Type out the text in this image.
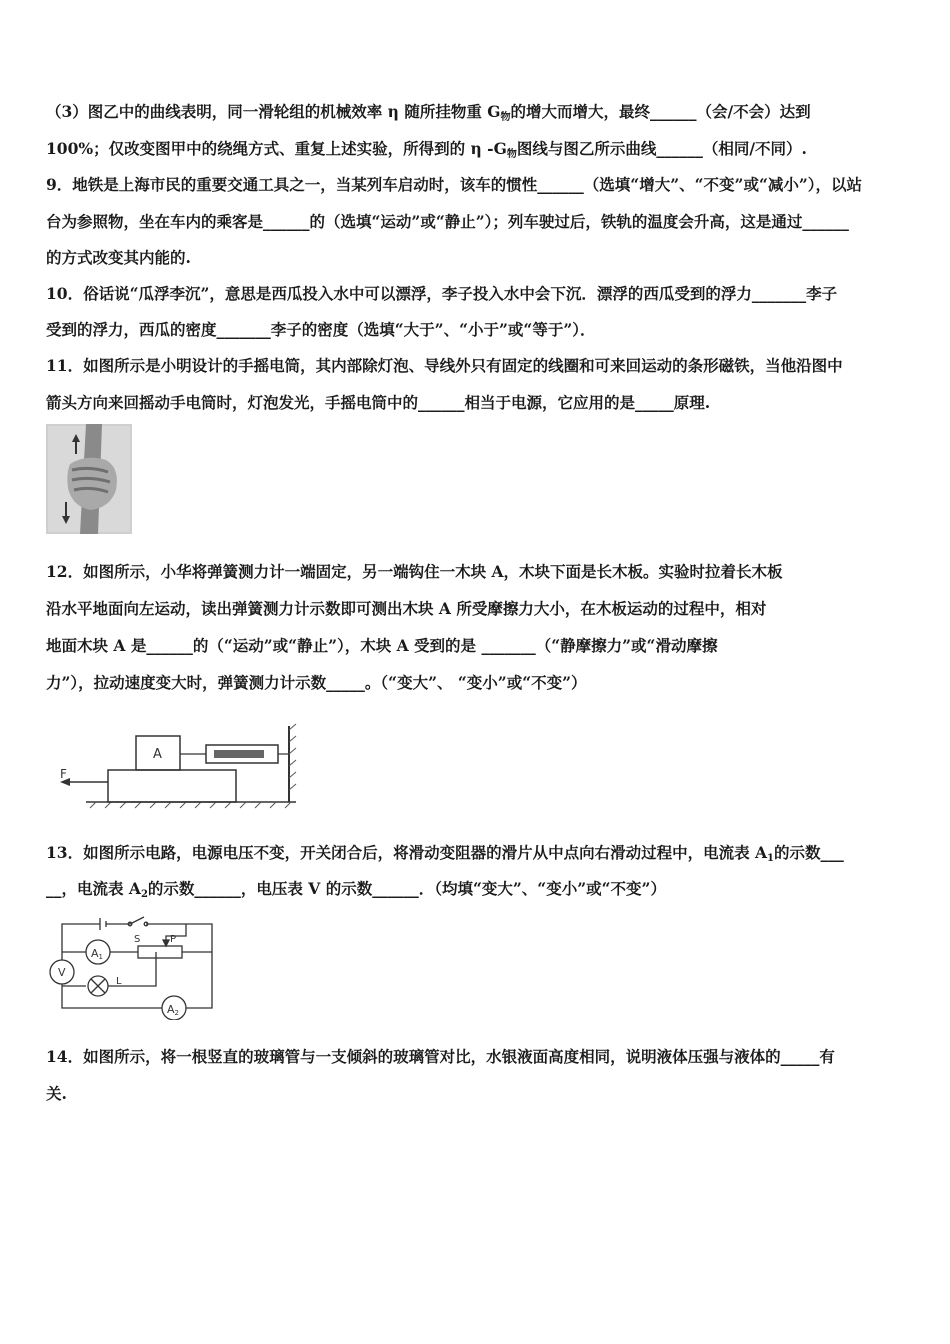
（3）图乙中的曲线表明，同一滑轮组的机械效率 η 随所挂物重 $G_物$的增大而增大，最终______（会/不会）达到
100%；仅改变图甲中的绕绳方式、重复上述实验，所得到的 η $-G_物$图线与图乙所示曲线______（相同/不同）.
9．地铁是上海市民的重要交通工具之一，当某列车启动时，该车的惯性______（选填“增大”、“不变”或“减小”），以站
台为参照物，坐在车内的乘客是______的（选填“运动”或“静止”）；列车驶过后，铁轨的温度会升高，这是通过______
的方式改变其内能的.
10．俗话说“瓜浮李沉”，意思是西瓜投入水中可以漂浮，李子投入水中会下沉．漂浮的西瓜受到的浮力_______李子
受到的浮力，西瓜的密度_______李子的密度（选填“大于”、“小于”或“等于”）．
11．如图所示是小明设计的手摇电筒，其内部除灯泡、导线外只有固定的线圈和可来回运动的条形磁铁，当他沿图中
箭头方向来回摇动手电筒时，灯泡发光，手摇电筒中的______相当于电源，它应用的是_____原理.
12．如图所示，小华将弹簧测力计一端固定，另一端钩住一木块 A，木块下面是长木板。实验时拉着长木板
沿水平地面向左运动，读出弹簧测力计示数即可测出木块 A 所受摩擦力大小，在木板运动的过程中，相对
地面木块 A 是______的（“运动”或“静止”），木块 A 受到的是 _______（“静摩擦力”或“滑动摩擦
力”），拉动速度变大时，弹簧测力计示数_____。（“变大”、 “变小”或“不变”）
A
F
13．如图所示电路，电源电压不变，开关闭合后，将滑动变阻器的滑片从中点向右滑动过程中，电流表 $A_1$的示数___
__，电流表 $A_2$的示数______，电压表 V 的示数______．（均填“变大”、“变小”或“不变”）
S	P
A1
A2
V
L
14．如图所示，将一根竖直的玻璃管与一支倾斜的玻璃管对比，水银液面高度相同，说明液体压强与液体的_____有
关.
